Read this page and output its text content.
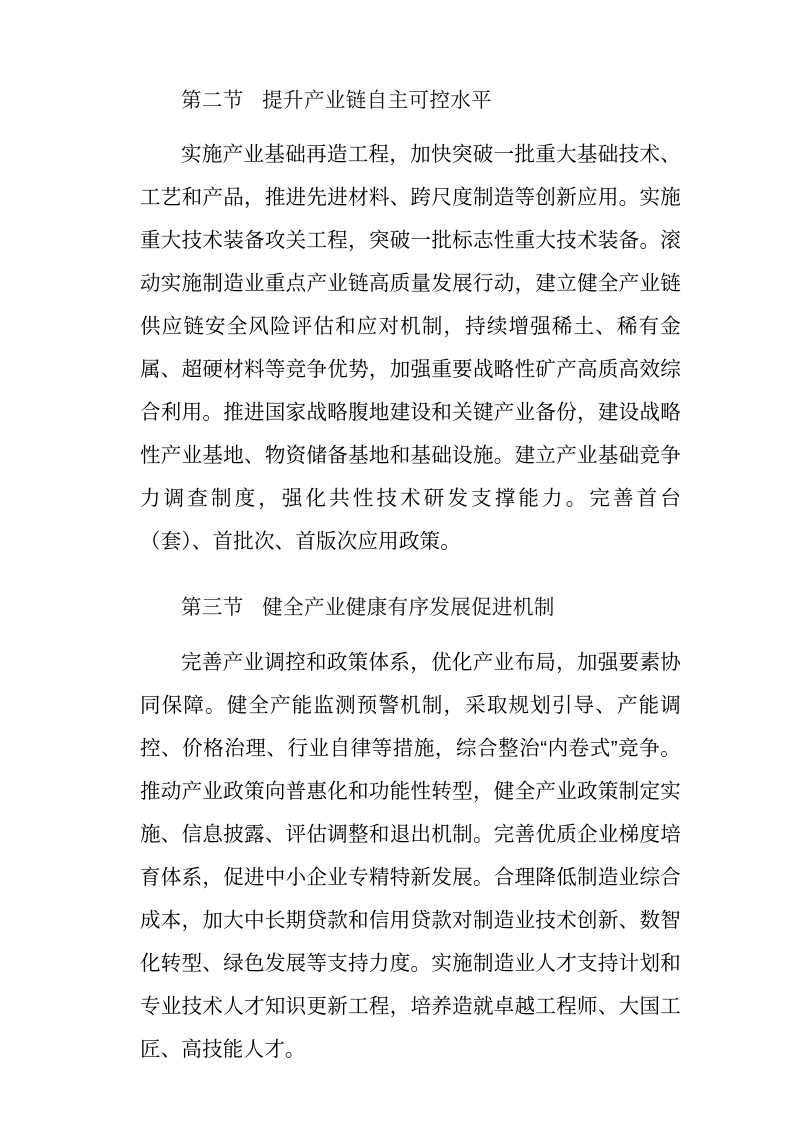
第二节 提升产业链自主可控水平

实施产业基础再造工程，加快突破一批重大基础技术、工艺和产品，推进先进材料、跨尺度制造等创新应用。实施重大技术装备攻关工程，突破一批标志性重大技术装备。滚动实施制造业重点产业链高质量发展行动，建立健全产业链供应链安全风险评估和应对机制，持续增强稀土、稀有金属、超硬材料等竞争优势，加强重要战略性矿产高质高效综合利用。推进国家战略腹地建设和关键产业备份，建设战略性产业基地、物资储备基地和基础设施。建立产业基础竞争力调查制度，强化共性技术研发支撑能力。完善首台（套）、首批次、首版次应用政策。

第三节 健全产业健康有序发展促进机制

完善产业调控和政策体系，优化产业布局，加强要素协同保障。健全产能监测预警机制，采取规划引导、产能调控、价格治理、行业自律等措施，综合整治“内卷式”竞争。推动产业政策向普惠化和功能性转型，健全产业政策制定实施、信息披露、评估调整和退出机制。完善优质企业梯度培育体系，促进中小企业专精特新发展。合理降低制造业综合成本，加大中长期贷款和信用贷款对制造业技术创新、数智化转型、绿色发展等支持力度。实施制造业人才支持计划和专业技术人才知识更新工程，培养造就卓越工程师、大国工匠、高技能人才。
